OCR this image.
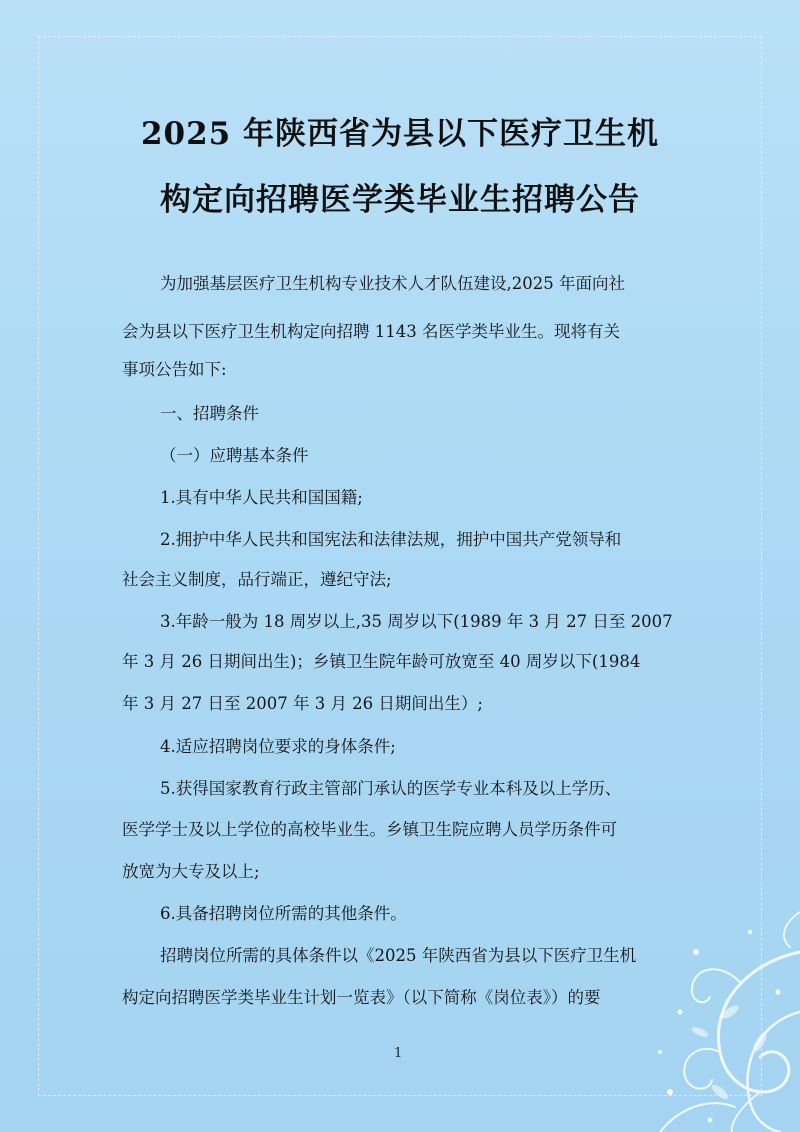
2025 年陕西省为县以下医疗卫生机
构定向招聘医学类毕业生招聘公告

为加强基层医疗卫生机构专业技术人才队伍建设,2025 年面向社

会为县以下医疗卫生机构定向招聘 1143 名医学类毕业生。现将有关

事项公告如下:

一、招聘条件

（一）应聘基本条件

1.具有中华人民共和国国籍;

2.拥护中华人民共和国宪法和法律法规，拥护中国共产党领导和

社会主义制度，品行端正，遵纪守法;

3.年龄一般为 18 周岁以上,35 周岁以下(1989 年 3 月 27 日至 2007

年 3 月 26 日期间出生)；乡镇卫生院年龄可放宽至 40 周岁以下(1984

年 3 月 27 日至 2007 年 3 月 26 日期间出生）;

4.适应招聘岗位要求的身体条件;

5.获得国家教育行政主管部门承认的医学专业本科及以上学历、

医学学士及以上学位的高校毕业生。乡镇卫生院应聘人员学历条件可

放宽为大专及以上;

6.具备招聘岗位所需的其他条件。

招聘岗位所需的具体条件以《2025 年陕西省为县以下医疗卫生机

构定向招聘医学类毕业生计划一览表》（以下简称《岗位表》）的要

1
